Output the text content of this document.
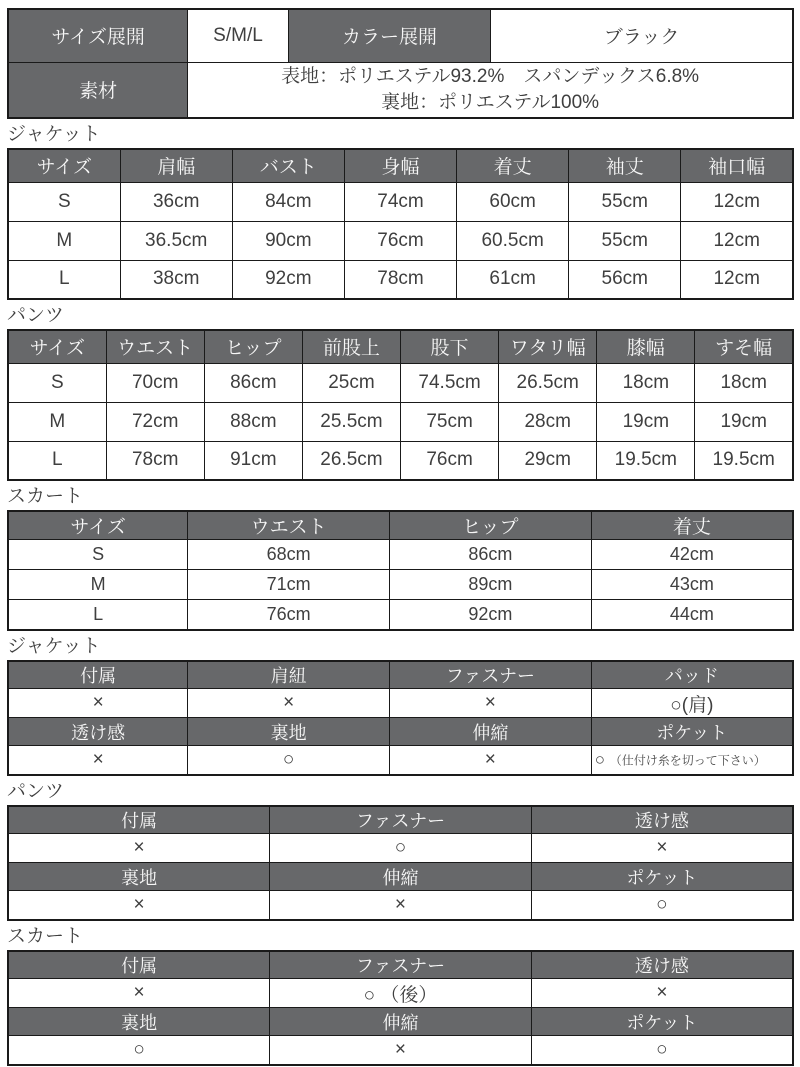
サイズ展開	S/M/L	カラー展開	ブラック
素材	表地：ポリエステル93.2%　スパンデックス6.8%
裏地：ポリエステル100%		
ジャケット
サイズ	肩幅	バスト	身幅	着丈	袖丈	袖口幅
S	36cm	84cm	74cm	60cm	55cm	12cm
M	36.5cm	90cm	76cm	60.5cm	55cm	12cm
L	38cm	92cm	78cm	61cm	56cm	12cm
パンツ
サイズ	ウエスト	ヒップ	前股上	股下	ワタリ幅	膝幅	すそ幅
S	70cm	86cm	25cm	74.5cm	26.5cm	18cm	18cm
M	72cm	88cm	25.5cm	75cm	28cm	19cm	19cm
L	78cm	91cm	26.5cm	76cm	29cm	19.5cm	19.5cm
スカート
サイズ	ウエスト	ヒップ	着丈
S	68cm	86cm	42cm
M	71cm	89cm	43cm
L	76cm	92cm	44cm
ジャケット
付属	肩紐	ファスナー	パッド
×	×	×	○(肩)
透け感	裏地	伸縮	ポケット
×	○	×	○ （仕付け糸を切って下さい）
パンツ
付属	ファスナー	透け感
×	○	×
裏地	伸縮	ポケット
×	×	○
スカート
付属	ファスナー	透け感
×	○ （後）	×
裏地	伸縮	ポケット
○	×	○
